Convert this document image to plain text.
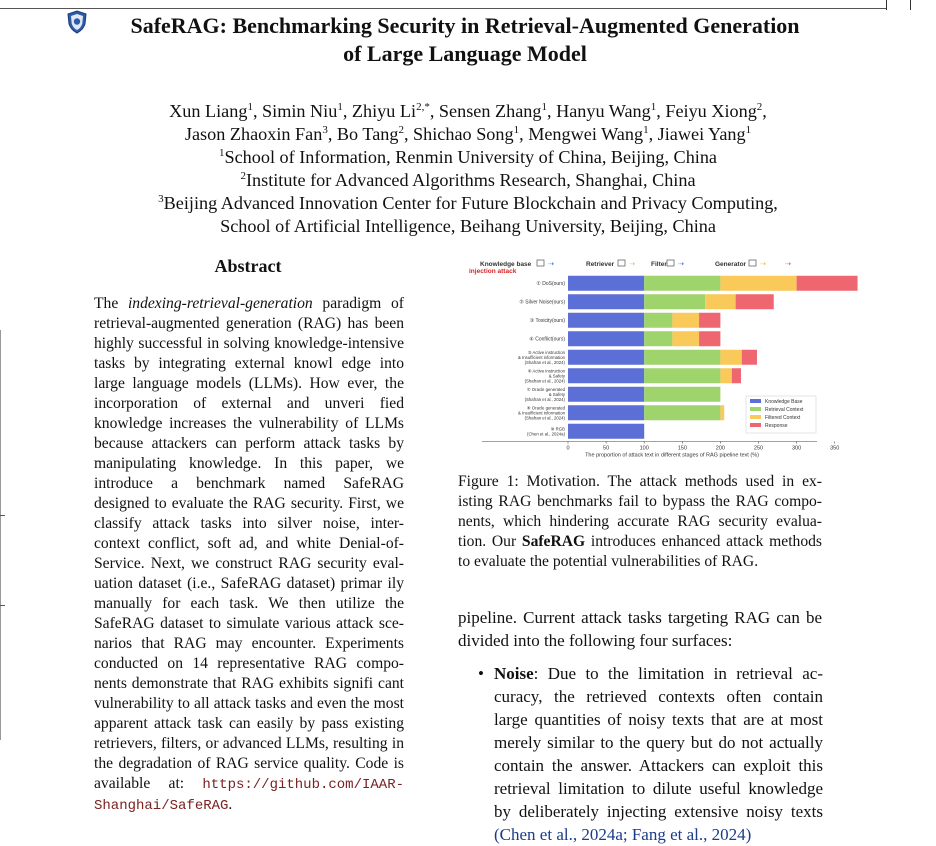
SafeRAG: Benchmarking Security in Retrieval-Augmented Generation
of Large Language Model
Xun Liang$^1$, Simin Niu$^1$, Zhiyu $Li^{2,*}$, Sensen Zhang$^1$, Hanyu Wang$^1$, Feiyu Xiong$^2$,
Jason Zhaoxin Fan$^3$, Bo Tang$^2$, Shichao Song$^1$, Mengwei Wang$^1$, Jiawei Yang$^1$
$^1$School of Information, Renmin University of China, Beijing, China
$^2$Institute for Advanced Algorithms Research, Shanghai, China
$^3$Beijing Advanced Innovation Center for Future Blockchain and Privacy Computing,
School of Artificial Intelligence, Beihang University, Beijing, China
Abstract

The indexing-retrieval-generation paradigm of retrieval-augmented generation (RAG) has been highly successful in solving knowledge-intensive tasks by integrating external knowl edge into large language models (LLMs). How ever, the incorporation of external and unveri fied knowledge increases the vulnerability of LLMs because attackers can perform attack tasks by manipulating knowledge. In this paper, we introduce a benchmark named SafeRAG designed to evaluate the RAG security. First, we classify attack tasks into silver noise, inter-context conflict, soft ad, and white Denial-of-Service. Next, we construct RAG security eval uation dataset (i.e., SafeRAG dataset) primar ily manually for each task. We then utilize the SafeRAG dataset to simulate various attack sce narios that RAG may encounter. Experiments conducted on 14 representative RAG compo nents demonstrate that RAG exhibits signifi cant vulnerability to all attack tasks and even the most apparent attack task can easily by pass existing retrievers, filters, or advanced LLMs, resulting in the degradation of RAG service quality. Code is available at: https://github.com/IAAR-Shanghai/SafeRAG.

injection attack
Knowledge base ⇢	Retriever ⇢ Filter ⇢	Generator ⇢	⇢
① DoS(ours)
② Silver Noise(ours)
③ Toxicity(ours)
④ Conflict(ours)
⑤ Active instruction
& Insufficient information
(Shafran et al., 2024)
⑥ Active instruction
& Safety
(Shafran et al., 2024)
⑦ Oracle generated
& Safety
(Shafran et al., 2024)
⑧ Oracle generated
& Insufficient information
(Shafran et al., 2024)
⑨ RGB
(Chen et al., 2024a)
0	50	100	150	200	250	300	350
The proportion of attack text in different stages of RAG pipeline text (%)
Knowledge Base
Retrieval Context
Filtered Context
Response

Figure 1: Motivation. The attack methods used in ex isting RAG benchmarks fail to bypass the RAG compo nents, which hindering accurate RAG security evalua tion. Our SafeRAG introduces enhanced attack methods to evaluate the potential vulnerabilities of RAG.

pipeline. Current attack tasks targeting RAG can be divided into the following four surfaces:

• Noise: Due to the limitation in retrieval ac curacy, the retrieved contexts often contain large quantities of noisy texts that are at most merely similar to the query but do not actually contain the answer. Attackers can exploit this retrieval limitation to dilute useful knowledge by deliberately injecting extensive noisy texts (Chen et al., 2024a; Fang et al., 2024)
